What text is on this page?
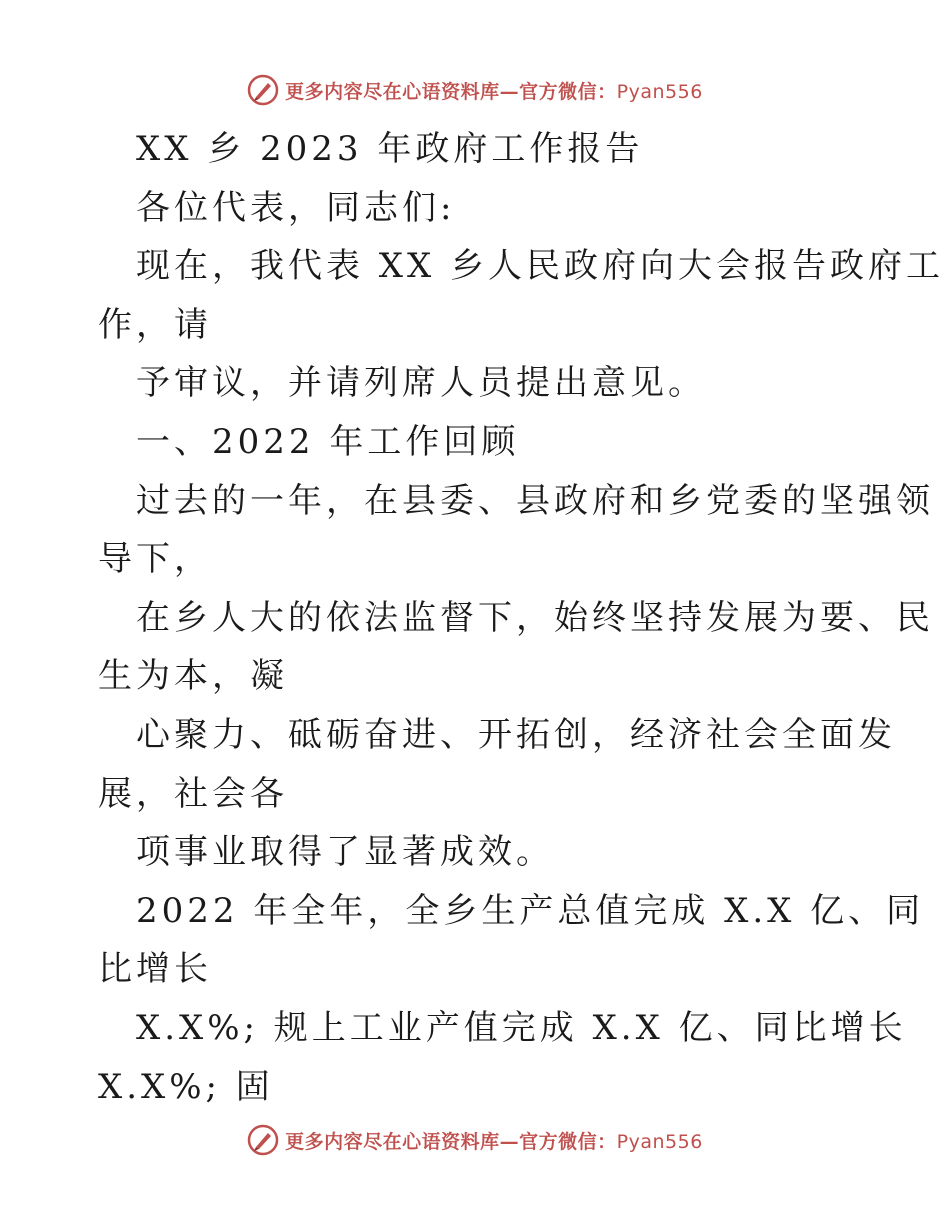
更多内容尽在心语资料库—官方微信：Pyan556
XX 乡 2023 年政府工作报告
各位代表，同志们:
现在，我代表 XX 乡人民政府向大会报告政府工
作，请
予审议，并请列席人员提出意见。
一、2022 年工作回顾
过去的一年，在县委、县政府和乡党委的坚强领
导下，
在乡人大的依法监督下，始终坚持发展为要、民
生为本，凝
心聚力、砥砺奋进、开拓创，经济社会全面发
展，社会各
项事业取得了显著成效。
2022 年全年，全乡生产总值完成 X.X 亿、同
比增长
X.X%; 规上工业产值完成 X.X 亿、同比增长
X.X%; 固
更多内容尽在心语资料库—官方微信：Pyan556
